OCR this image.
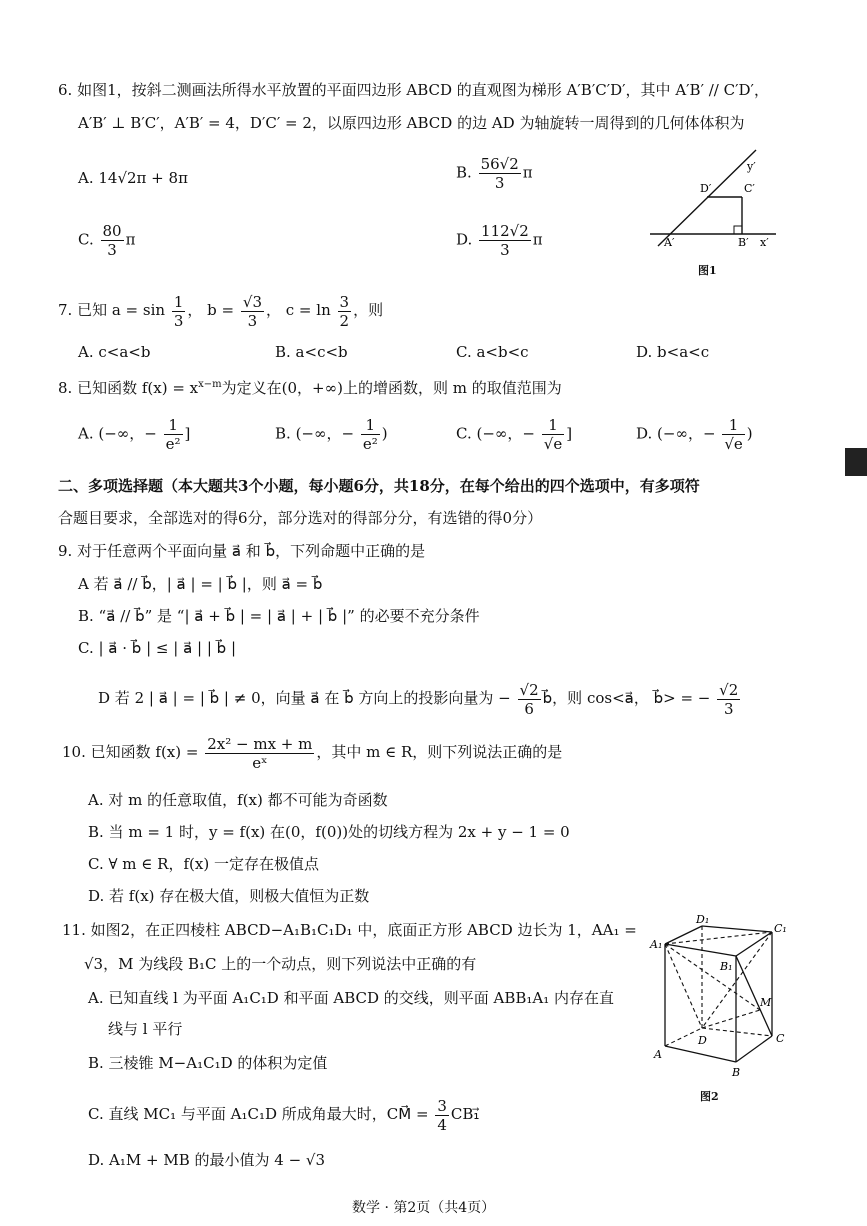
6. 如图1，按斜二测画法所得水平放置的平面四边形 ABCD 的直观图为梯形 A′B′C′D′，其中 A′B′ // C′D′，
A′B′ ⊥ B′C′，A′B′ = 4，D′C′ = 2，以原四边形 ABCD 的边 AD 为轴旋转一周得到的几何体体积为
A. 14√2π + 8π	B. $\frac{56√2}{3}$ π
C. $\frac{80}{3}$ π	D. $\frac{112√2}{3}$ π
y′
D′	C′
A′	B′ x′
图1
7. 已知 $a = \sin \frac{1}{3}$ ， $b = \frac{√3}{3}$ ， $c = \ln \frac{3}{2}$ ，则
A. c<a<b	B. a<c<b	C. a<b<c	D. b<a<c
8. 已知函数 $f(x) = x^{x-m}$为定义在(0，+∞)上的增函数，则 m 的取值范围为
A. (−∞，− $\frac{1}{\text{e²}}$ ]	B. (−∞，− $\frac{1}{\text{e²}}$ )	C. (−∞，− $\frac{1}{√e}$ ]	D. (−∞，− $\frac{1}{√e}$ )
二、多项选择题（本大题共3个小题，每小题6分，共18分，在每个给出的四个选项中，有多项符
合题目要求，全部选对的得6分，部分选对的得部分分，有选错的得0分）
9. 对于任意两个平面向量 a⃗ 和 b⃗，下列命题中正确的是
A 若 a⃗ // b⃗，| a⃗ | = | b⃗ |，则 a⃗ = b⃗
B. “a⃗ // b⃗” 是 “| a⃗ + b⃗ | = | a⃗ | + | b⃗ |” 的必要不充分条件
C. | a⃗ · b⃗ | ≤ | a⃗ | | b⃗ |
D 若 2 | a⃗ | = | b⃗ | ≠ 0，向量 a⃗ 在 b⃗ 方向上的投影向量为 − $\frac{√2}{6}$ b⃗，则 cos<a⃗， b⃗> = − $\frac{√2}{3}$
10. 已知函数 $f(x) = \frac{\text{2x² − mx + m}}{\text{eˣ}}$ ，其中 m ∈ R，则下列说法正确的是
A. 对 m 的任意取值，f(x) 都不可能为奇函数
B. 当 m = 1 时，y = f(x) 在(0，f(0))处的切线方程为 2x + y − 1 = 0
C. ∀ m ∈ R，f(x) 一定存在极值点
D. 若 f(x) 存在极大值，则极大值恒为正数
11. 如图2，在正四棱柱 ABCD−A₁B₁C₁D₁ 中，底面正方形 ABCD 边长为 1，AA₁ =
√3，M 为线段 B₁C 上的一个动点，则下列说法中正确的有
A. 已知直线 l 为平面 A₁C₁D 和平面 ABCD 的交线，则平面 ABB₁A₁ 内存在直
线与 l 平行
B. 三棱锥 M−A₁C₁D 的体积为定值
C. 直线 MC₁ 与平面 A₁C₁D 所成角最大时，CM⃗ = $\frac{3}{4}$ CB₁⃗
D. A₁M + MB 的最小值为 4 − √3
D₁
C₁
A₁
B₁
M
D	C
A
B
图2
数学 · 第2页（共4页）
